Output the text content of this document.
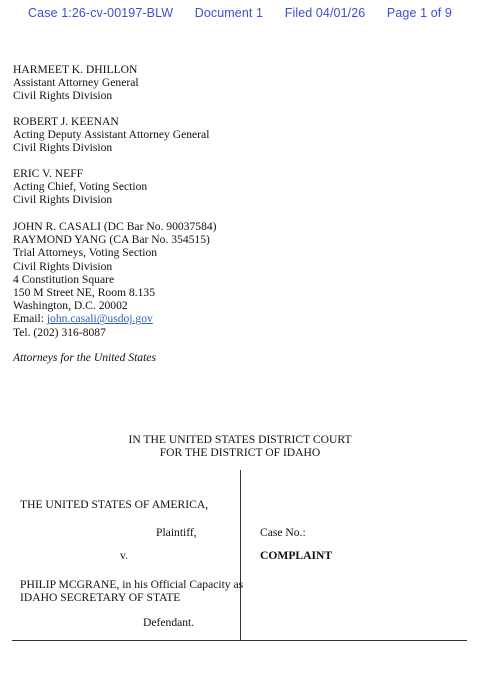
Case 1:26-cv-00197-BLW Document 1 Filed 04/01/26 Page 1 of 9
HARMEET K. DHILLON
Assistant Attorney General
Civil Rights Division
ROBERT J. KEENAN
Acting Deputy Assistant Attorney General
Civil Rights Division
ERIC V. NEFF
Acting Chief, Voting Section
Civil Rights Division
JOHN R. CASALI (DC Bar No. 90037584)
RAYMOND YANG (CA Bar No. 354515)
Trial Attorneys, Voting Section
Civil Rights Division
4 Constitution Square
150 M Street NE, Room 8.135
Washington, D.C. 20002
Email: john.casali@usdoj.gov
Tel. (202) 316-8087
Attorneys for the United States
IN THE UNITED STATES DISTRICT COURT
FOR THE DISTRICT OF IDAHO
THE UNITED STATES OF AMERICA,
Plaintiff,
v.
PHILIP MCGRANE, in his Official Capacity as
IDAHO SECRETARY OF STATE
Defendant.
Case No.:
COMPLAINT
